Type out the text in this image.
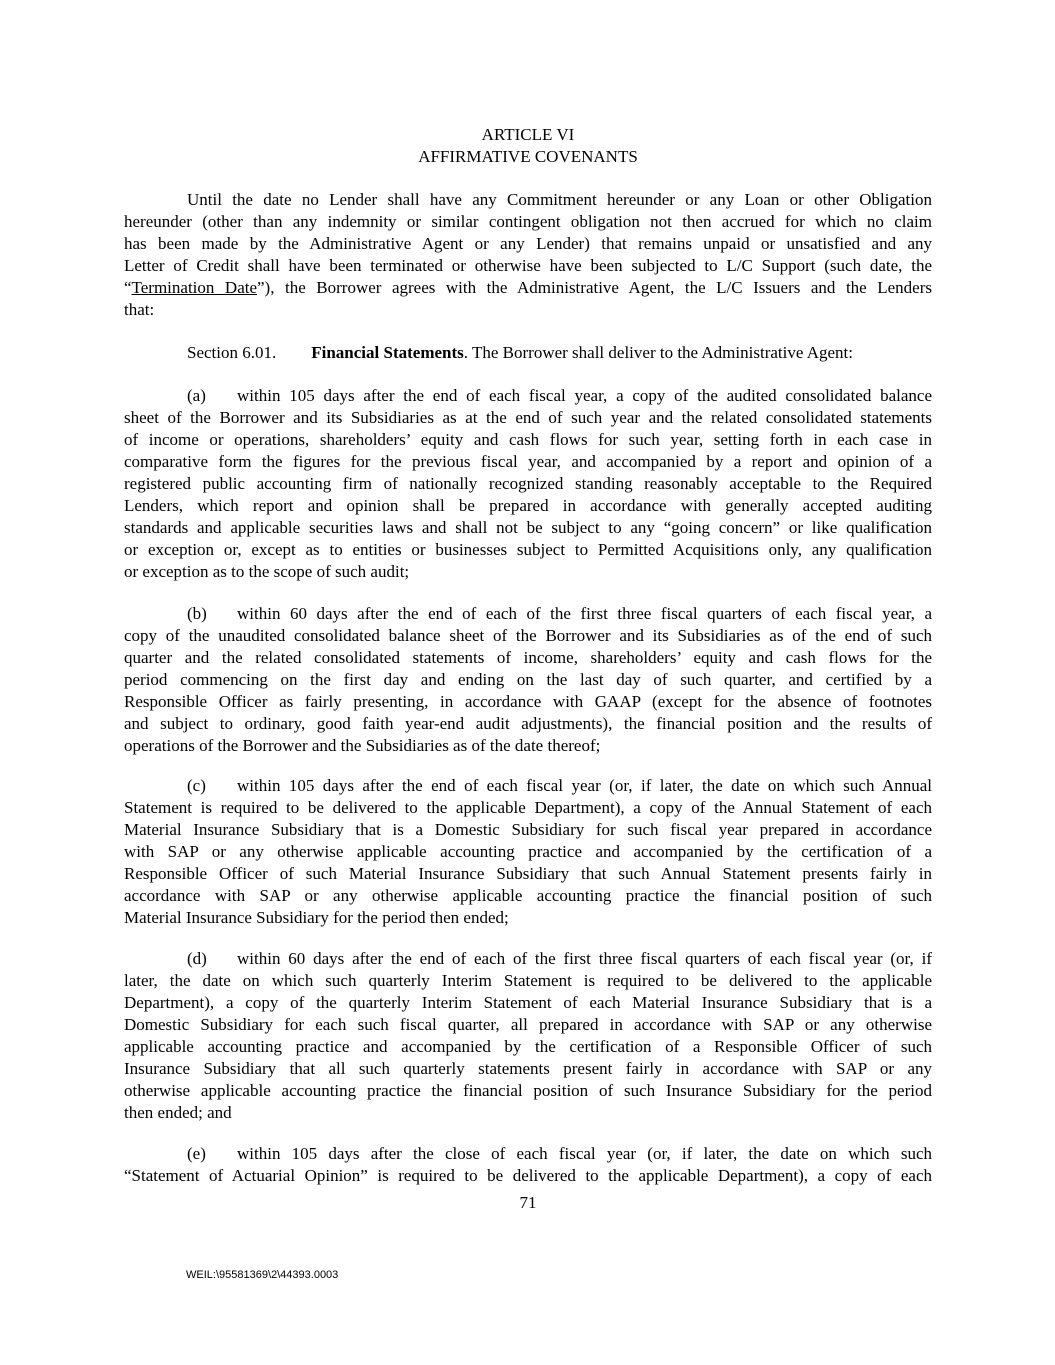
ARTICLE VI
AFFIRMATIVE COVENANTS
Until the date no Lender shall have any Commitment hereunder or any Loan or other Obligation
hereunder (other than any indemnity or similar contingent obligation not then accrued for which no claim
has been made by the Administrative Agent or any Lender) that remains unpaid or unsatisfied and any
Letter of Credit shall have been terminated or otherwise have been subjected to L/C Support (such date, the
“Termination Date”), the Borrower agrees with the Administrative Agent, the L/C Issuers and the Lenders
that:
Section 6.01. Financial Statements. The Borrower shall deliver to the Administrative Agent:
(a) within 105 days after the end of each fiscal year, a copy of the audited consolidated balance
sheet of the Borrower and its Subsidiaries as at the end of such year and the related consolidated statements
of income or operations, shareholders’ equity and cash flows for such year, setting forth in each case in
comparative form the figures for the previous fiscal year, and accompanied by a report and opinion of a
registered public accounting firm of nationally recognized standing reasonably acceptable to the Required
Lenders, which report and opinion shall be prepared in accordance with generally accepted auditing
standards and applicable securities laws and shall not be subject to any “going concern” or like qualification
or exception or, except as to entities or businesses subject to Permitted Acquisitions only, any qualification
or exception as to the scope of such audit;
(b) within 60 days after the end of each of the first three fiscal quarters of each fiscal year, a
copy of the unaudited consolidated balance sheet of the Borrower and its Subsidiaries as of the end of such
quarter and the related consolidated statements of income, shareholders’ equity and cash flows for the
period commencing on the first day and ending on the last day of such quarter, and certified by a
Responsible Officer as fairly presenting, in accordance with GAAP (except for the absence of footnotes
and subject to ordinary, good faith year-end audit adjustments), the financial position and the results of
operations of the Borrower and the Subsidiaries as of the date thereof;
(c) within 105 days after the end of each fiscal year (or, if later, the date on which such Annual
Statement is required to be delivered to the applicable Department), a copy of the Annual Statement of each
Material Insurance Subsidiary that is a Domestic Subsidiary for such fiscal year prepared in accordance
with SAP or any otherwise applicable accounting practice and accompanied by the certification of a
Responsible Officer of such Material Insurance Subsidiary that such Annual Statement presents fairly in
accordance with SAP or any otherwise applicable accounting practice the financial position of such
Material Insurance Subsidiary for the period then ended;
(d) within 60 days after the end of each of the first three fiscal quarters of each fiscal year (or, if
later, the date on which such quarterly Interim Statement is required to be delivered to the applicable
Department), a copy of the quarterly Interim Statement of each Material Insurance Subsidiary that is a
Domestic Subsidiary for each such fiscal quarter, all prepared in accordance with SAP or any otherwise
applicable accounting practice and accompanied by the certification of a Responsible Officer of such
Insurance Subsidiary that all such quarterly statements present fairly in accordance with SAP or any
otherwise applicable accounting practice the financial position of such Insurance Subsidiary for the period
then ended; and
(e) within 105 days after the close of each fiscal year (or, if later, the date on which such
“Statement of Actuarial Opinion” is required to be delivered to the applicable Department), a copy of each
71
WEIL:\95581369\2\44393.0003
